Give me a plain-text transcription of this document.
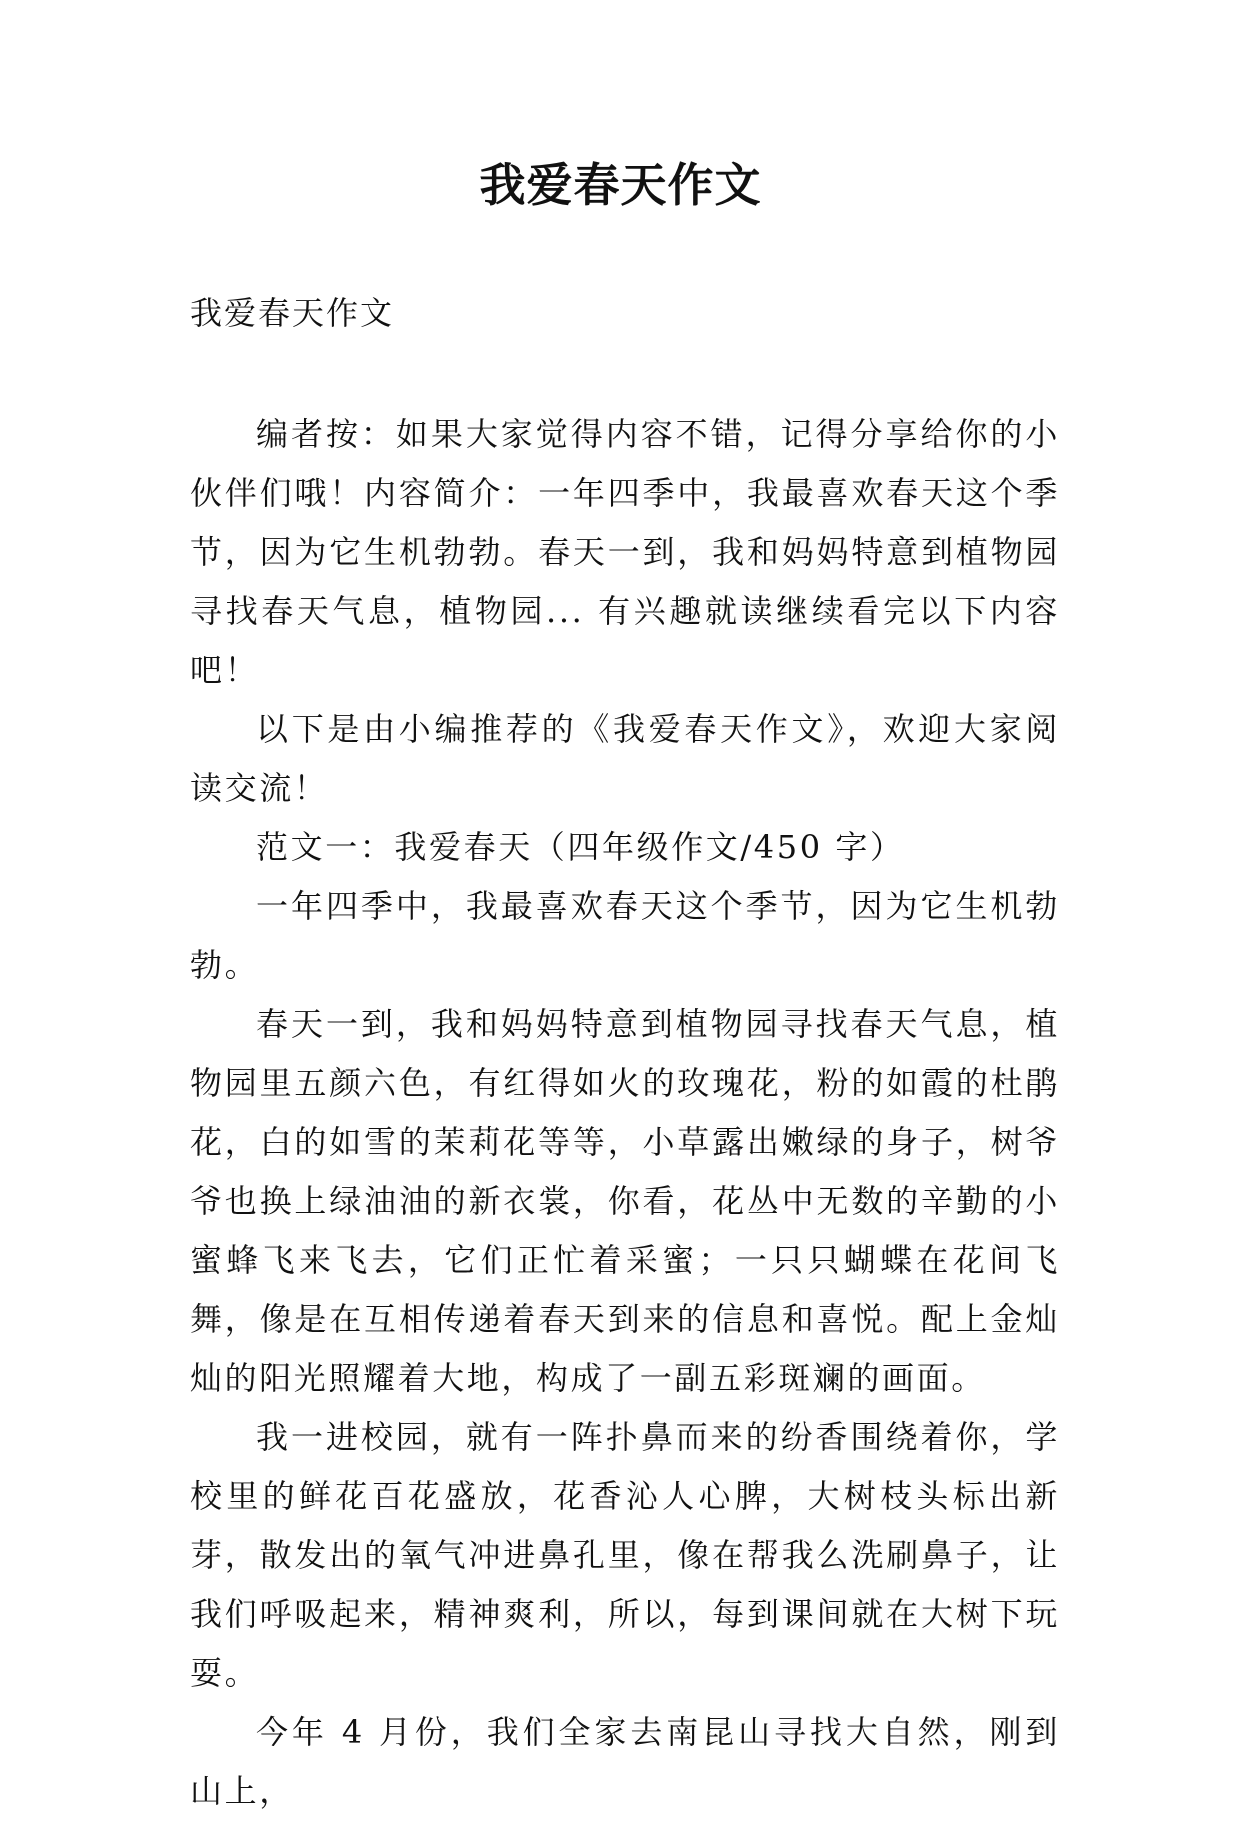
我爱春天作文

我爱春天作文

编者按：如果大家觉得内容不错，记得分享给你的小伙伴们哦！内容简介：一年四季中，我最喜欢春天这个季节，因为它生机勃勃。春天一到，我和妈妈特意到植物园寻找春天气息，植物园... 有兴趣就读继续看完以下内容吧！

以下是由小编推荐的《我爱春天作文》，欢迎大家阅读交流！

范文一：我爱春天（四年级作文/450 字）

一年四季中，我最喜欢春天这个季节，因为它生机勃勃。

春天一到，我和妈妈特意到植物园寻找春天气息，植物园里五颜六色，有红得如火的玫瑰花，粉的如霞的杜鹃花，白的如雪的茉莉花等等，小草露出嫩绿的身子，树爷爷也换上绿油油的新衣裳，你看，花丛中无数的辛勤的小蜜蜂飞来飞去，它们正忙着采蜜；一只只蝴蝶在花间飞舞，像是在互相传递着春天到来的信息和喜悦。配上金灿灿的阳光照耀着大地，构成了一副五彩斑斓的画面。

我一进校园，就有一阵扑鼻而来的纷香围绕着你，学校里的鲜花百花盛放，花香沁人心脾，大树枝头标出新芽，散发出的氧气冲进鼻孔里，像在帮我么洗刷鼻子，让我们呼吸起来，精神爽利，所以，每到课间就在大树下玩耍。

今年 4 月份，我们全家去南昆山寻找大自然，刚到山上，
